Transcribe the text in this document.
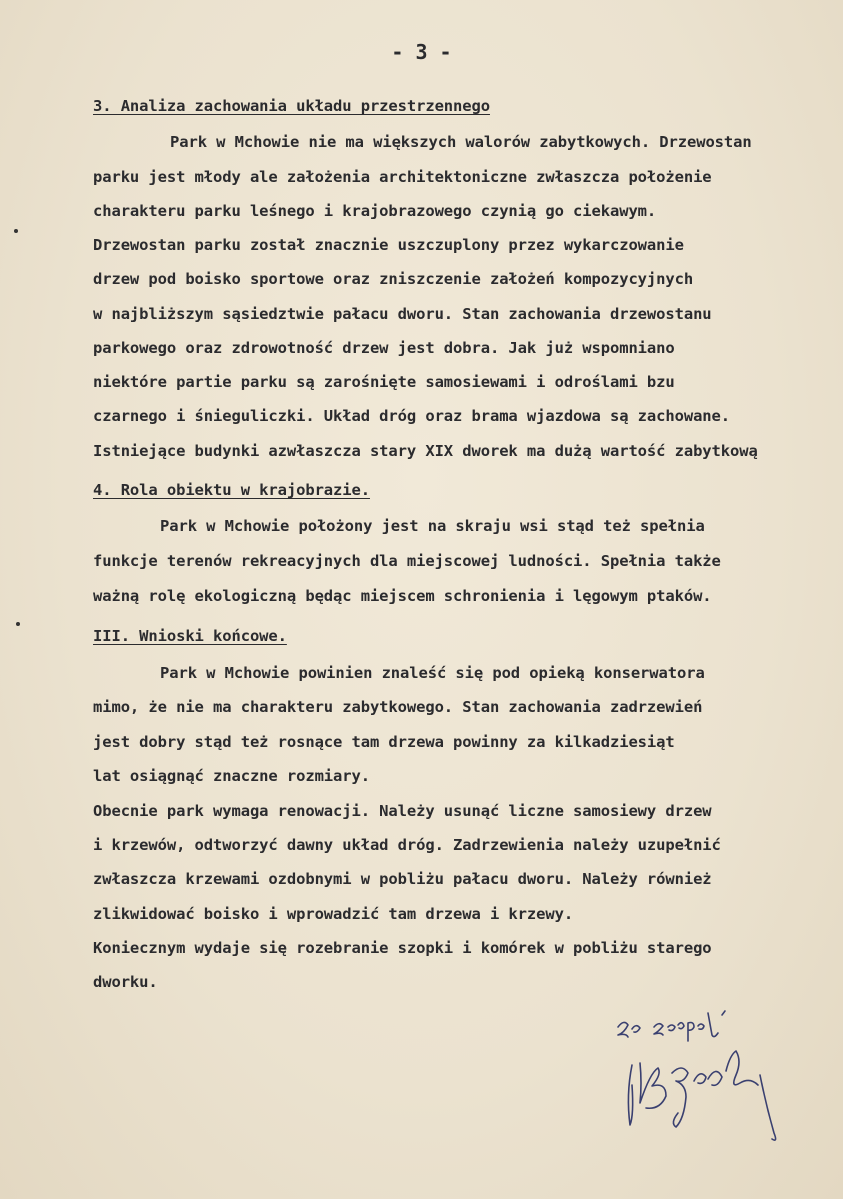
- 3 -
3. Analiza zachowania układu przestrzennego
Park w Mchowie nie ma większych walorów zabytkowych. Drzewostan
parku jest młody ale założenia architektoniczne zwłaszcza położenie
charakteru parku leśnego i krajobrazowego czynią go ciekawym.
Drzewostan parku został znacznie uszczuplony przez wykarczowanie
drzew pod boisko sportowe oraz zniszczenie założeń kompozycyjnych
w najbliższym sąsiedztwie pałacu dworu. Stan zachowania drzewostanu
parkowego oraz zdrowotność drzew jest dobra. Jak już wspomniano
niektóre partie parku są zarośnięte samosiewami i odroślami bzu
czarnego i śnieguliczki. Układ dróg oraz brama wjazdowa są zachowane.
Istniejące budynki azwłaszcza stary XIX dworek ma dużą wartość zabytkową
4. Rola obiektu w krajobrazie.
Park w Mchowie położony jest na skraju wsi stąd też spełnia
funkcje terenów rekreacyjnych dla miejscowej ludności. Spełnia także
ważną rolę ekologiczną będąc miejscem schronienia i lęgowym ptaków.
III. Wnioski końcowe.
Park w Mchowie powinien znaleść się pod opieką konserwatora
mimo, że nie ma charakteru zabytkowego. Stan zachowania zadrzewień
jest dobry stąd też rosnące tam drzewa powinny za kilkadziesiąt
lat osiągnąć znaczne rozmiary.
Obecnie park wymaga renowacji. Należy usunąć liczne samosiewy drzew
i krzewów, odtworzyć dawny układ dróg. Zadrzewienia należy uzupełnić
zwłaszcza krzewami ozdobnymi w pobliżu pałacu dworu. Należy również
zlikwidować boisko i wprowadzić tam drzewa i krzewy.
Koniecznym wydaje się rozebranie szopki i komórek w pobliżu starego
dworku.
